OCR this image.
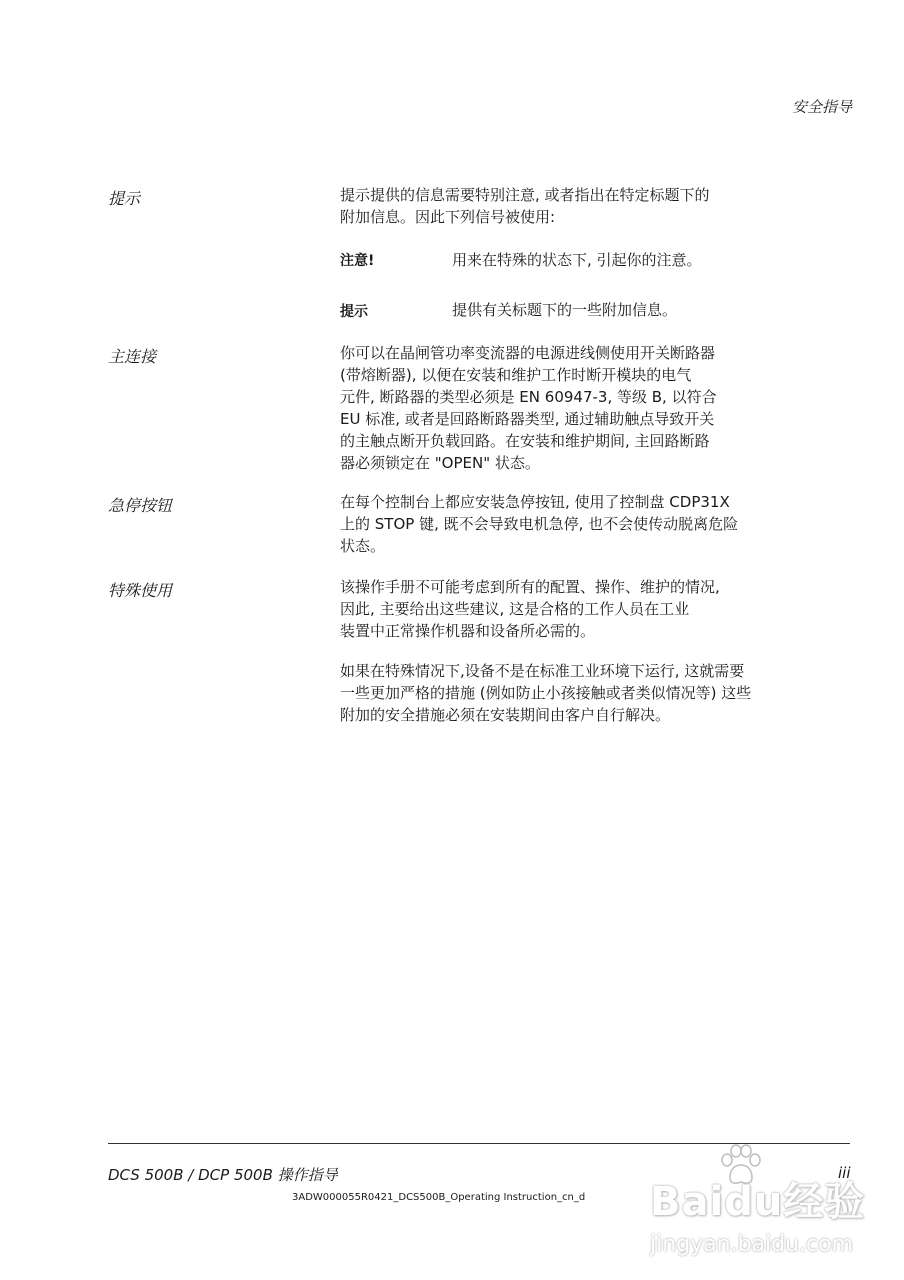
安全指导
提示	提示提供的信息需要特别注意, 或者指出在特定标题下的
附加信息。因此下列信号被使用:
注意!	用来在特殊的状态下, 引起你的注意。
提示	提供有关标题下的一些附加信息。
主连接	你可以在晶闸管功率变流器的电源进线侧使用开关断路器
(带熔断器), 以便在安装和维护工作时断开模块的电气
元件, 断路器的类型必须是 EN 60947-3, 等级 B, 以符合
EU 标准, 或者是回路断路器类型, 通过辅助触点导致开关
的主触点断开负载回路。在安装和维护期间, 主回路断路
器必须锁定在 "OPEN" 状态。
急停按钮	在每个控制台上都应安装急停按钮, 使用了控制盘 CDP31X
上的 STOP 键, 既不会导致电机急停, 也不会使传动脱离危险
状态。
特殊使用	该操作手册不可能考虑到所有的配置、操作、维护的情况,
因此, 主要给出这些建议, 这是合格的工作人员在工业
装置中正常操作机器和设备所必需的。
如果在特殊情况下,设备不是在标准工业环境下运行, 这就需要
一些更加严格的措施 (例如防止小孩接触或者类似情况等) 这些
附加的安全措施必须在安装期间由客户自行解决。
DCS 500B / DCP 500B 操作指导	iii
3ADW000055R0421_DCS500B_Operating Instruction_cn_d Baidu经验
jingyan.baidu.com
